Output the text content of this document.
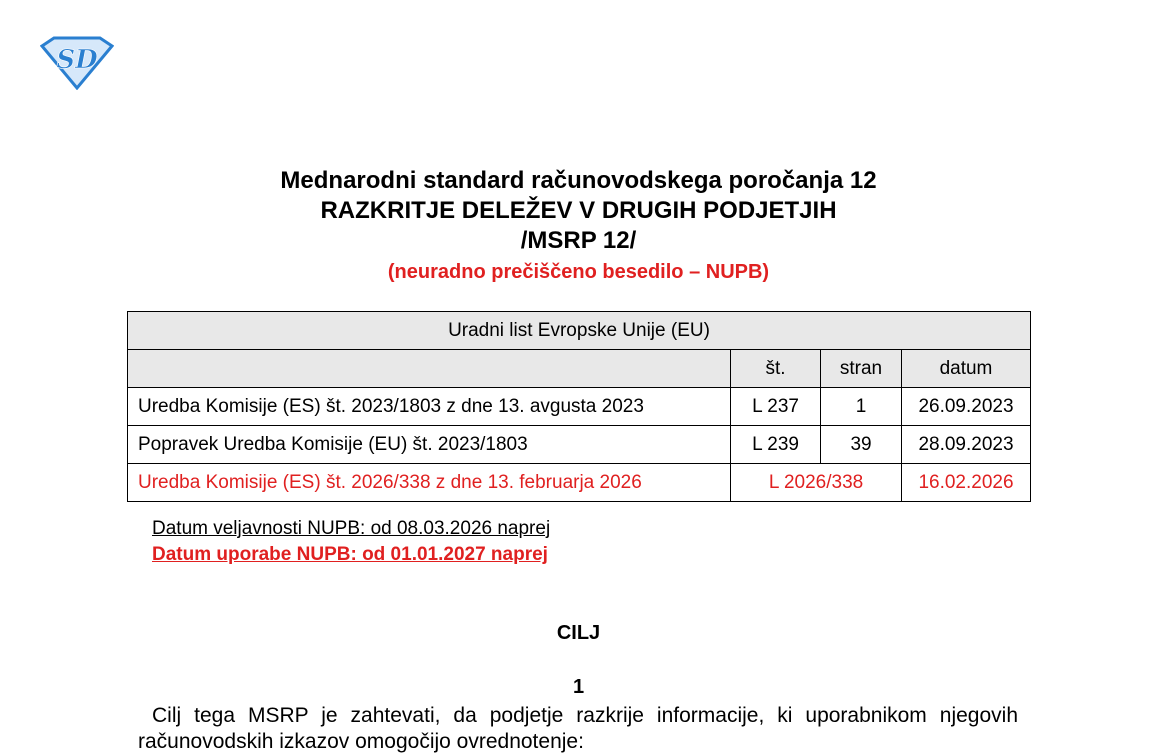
SD
Mednarodni standard računovodskega poročanja 12
RAZKRITJE DELEŽEV V DRUGIH PODJETJIH
/MSRP 12/
(neuradno prečiščeno besedilo – NUPB)
Uradni list Evropske Unije (EU)			
	št.	stran	datum
Uredba Komisije (ES) št. 2023/1803 z dne 13. avgusta 2023	L 237	1	26.09.2023
Popravek Uredba Komisije (EU) št. 2023/1803	L 239	39	28.09.2023
Uredba Komisije (ES) št. 2026/338 z dne 13. februarja 2026	L 2026/338		16.02.2026
Datum veljavnosti NUPB: od 08.03.2026 naprej
Datum uporabe NUPB: od 01.01.2027 naprej
CILJ
1
Cilj tega MSRP je zahtevati, da podjetje razkrije informacije, ki uporabnikom njegovih računovodskih izkazov omogočijo ovrednotenje:
